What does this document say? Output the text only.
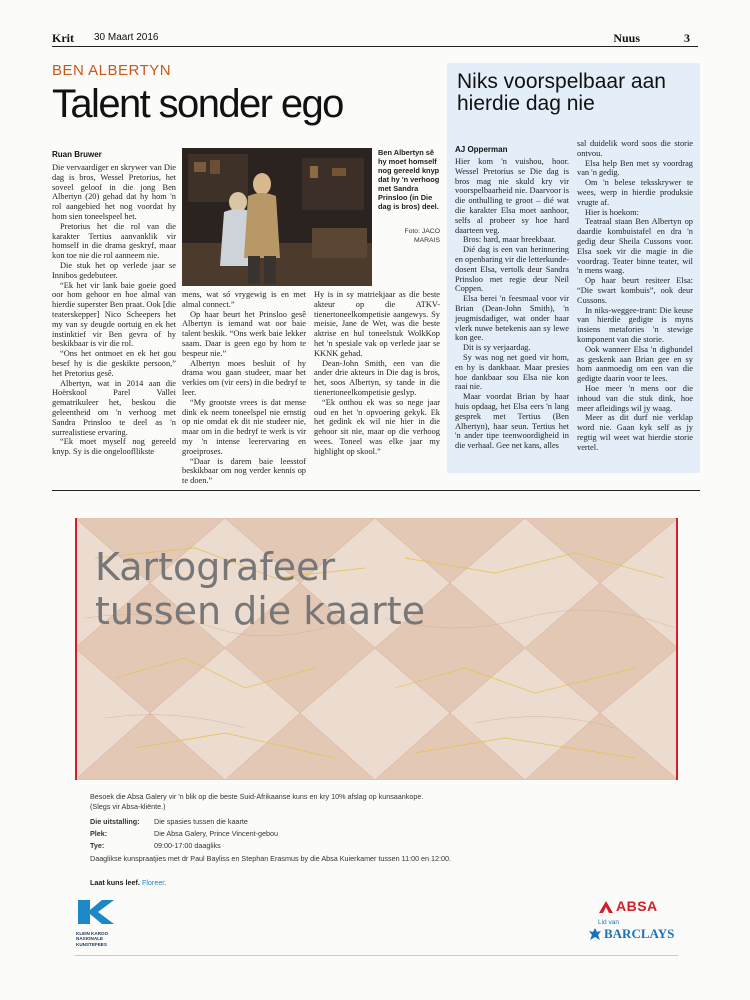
Krit 30 Maart 2016	Nuus	3
BEN ALBERTYN
Talent sonder ego
Ruan Bruwer

Die vervaardiger en skrywer van Die dag is bros, Wessel Pretorius, het soveel geloof in die jong Ben Albertyn (20) gehad dat hy hom 'n rol aangebied het nog voordat hy hom sien toneelspeel het.

Pretorius het die rol van die karakter Tertius aanvanklik vir homself in die drama geskryf, maar kon toe nie die rol aanneem nie.

Die stuk het op verlede jaar se Innibos gedebuteer.

“Ek het vir lank baie goeie goed oor hom gehoor en hoe almal van hierdie superster Ben praat. Ook [die teaterskepper] Nico Scheepers het my van sy deugde oortuig en ek het instinktief vir Ben gevra of hy beskikbaar is vir die rol.

“Ons het ontmoet en ek het gou besef hy is die geskikte persoon,” het Pretorius gesê.

Albertyn, wat in 2014 aan die Hoërskool Parel Vallei gematrikuleer het, beskou die geleentheid om 'n verhoog met Sandra Prinsloo te deel as 'n surrealistiese ervaring.

“Ek moet myself nog gereeld knyp. Sy is die ongeloofllikste

Ben Albertyn sê hy moet homself nog gereeld knyp dat hy 'n verhoog met Sandra Prinsloo (in Die dag is bros) deel.
Foto: JACO MARAIS

mens, wat só vrygewig is en met almal connect.”

Op haar beurt het Prinsloo gesê Albertyn is iemand wat oor baie talent beskik. “Ons werk baie lekker saam. Daar is geen ego by hom te bespeur nie.”

Albertyn moes besluit of hy drama wou gaan studeer, maar het verkies om (vir eers) in die bedryf te leer.

“My grootste vrees is dat mense dink ek neem toneelspel nie ernstig op nie omdat ek dit nie studeer nie, maar om in die bedryf te werk is vir my 'n intense leerervaring en groeiproses.

“Daar is darem baie leesstof beskikbaar om nog verder kennis op te doen.”

Hy is in sy matriekjaar as die beste akteur op die ATKV-tienertoneelkompetisie aangewys. Sy meisie, Jane de Wet, was die beste aktrise en hul toneelstuk WolkKop het 'n spesiale vak op verlede jaar se KKNK gehad.

Dean-John Smith, een van die ander drie akteurs in Die dag is bros, het, soos Albertyn, sy tande in die tienertoneelkompetisie geslyp.

“Ek onthou ek was so nege jaar oud en het 'n opvoering gekyk. Ek het gedink ek wil nie hier in die gehoor sit nie, maar op die verhoog wees. Toneel was elke jaar my highlight op skool.”

Niks voorspelbaar aan hierdie dag nie
AJ Opperman

Hier kom 'n vuishou, hoor. Wessel Pretorius se Die dag is bros mag nie skuld kry vir voorspelbaarheid nie. Daarvoor is die onthulling te groot – dié wat die karakter Elsa moet aanhoor, selfs al probeer sy hoe hard daarteen veg.

Bros: hard, maar breekbaar.

Dié dag is een van herinnering en openbaring vir die letterkunde-dosent Elsa, vertolk deur Sandra Prinsloo met regie deur Neil Coppen.

Elsa berei 'n feesmaal voor vir Brian (Dean-John Smith), 'n jeugmisdadiger, wat onder haar vlerk nuwe betekenis aan sy lewe kon gee.

Dit is sy verjaardag.

Sy was nog net goed vir hom, en hy is dankbaar. Maar presies hoe dankbaar sou Elsa nie kon raai nie.

Maar voordat Brian by haar huis opdaag, het Elsa eers 'n lang gesprek met Tertius (Ben Albertyn), haar seun. Tertius het 'n ander tipe teenwoordigheid in die verhaal. Gee net kans, alles

sal duidelik word soos die storie ontvou.

Elsa help Ben met sy voordrag van 'n gedig.

Om 'n belese teksskrywer te wees, werp in hierdie produksie vrugte af.

Hier is hoekom:

Teatraal staan Ben Albertyn op daardie kombuistafel en dra 'n gedig deur Sheila Cussons voor. Elsa soek vir die magie in die voordrag. Teater binne teater, wil 'n mens waag.

Op haar beurt resiteer Elsa: “Die swart kombuis”, ook deur Cussons.

In niks-weggee-trant: Die keuse van hierdie gedigte is myns insiens metafories 'n stewige komponent van die storie.

Ook wanneer Elsa 'n digbundel as geskenk aan Brian gee en sy hom aanmoedig om een van die gedigte daarin voor te lees.

Hoe meer 'n mens oor die inhoud van die stuk dink, hoe meer afleidings wil jy waag.

Meer as dit durf nie verklap word nie. Gaan kyk self as jy regtig wil weet wat hierdie storie vertel.

Kartografeer
tussen die kaarte
Besoek die Absa Galery vir 'n blik op die beste Suid-Afrikaanse kuns en kry 10% afslag op kunsaankope.
(Slegs vir Absa-kliënte.)
Die uitstalling: Die spasies tussen die kaarte
Plek:	Die Absa Galery, Prince Vincent-gebou
Tye:	09:00-17:00 daagliks
Daaglikse kunspraatjies met dr Paul Bayliss en Stephan Erasmus by die Absa Kuierkamer tussen 11:00 en 12:00.
Laat kuns leef. Floreer.
KLEIN KAROO NASIONALE KUNSTEFEES
ABSA
Lid van
BARCLAYS
